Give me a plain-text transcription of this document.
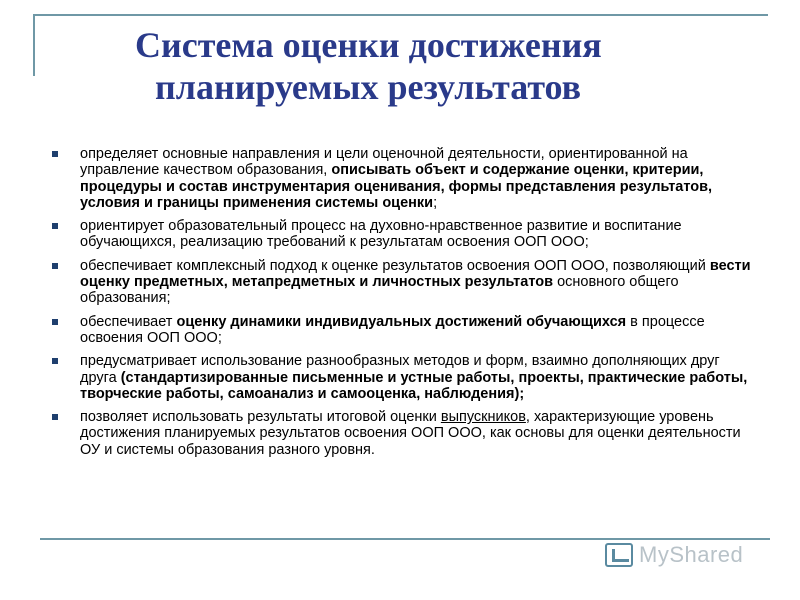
Система оценки достижения
планируемых результатов
определяет основные направления и цели оценочной деятельности, ориентированной на управление качеством образования, описывать объект и содержание оценки, критерии, процедуры и состав инструментария оценивания, формы представления результатов, условия и границы применения системы оценки;
ориентирует образовательный процесс на духовно-нравственное развитие и воспитание обучающихся, реализацию требований к результатам освоения ООП ООО;
обеспечивает комплексный подход к оценке результатов освоения ООП ООО, позволяющий вести оценку предметных, метапредметных и личностных результатов основного общего образования;
обеспечивает оценку динамики индивидуальных достижений обучающихся в процессе освоения ООП ООО;
предусматривает использование разнообразных методов и форм, взаимно дополняющих друг друга (стандартизированные письменные и устные работы, проекты, практические работы, творческие работы, самоанализ и самооценка, наблюдения);
позволяет использовать результаты итоговой оценки выпускников, характеризующие уровень достижения планируемых результатов освоения ООП ООО, как основы для оценки деятельности ОУ и системы образования разного уровня.
MyShared
